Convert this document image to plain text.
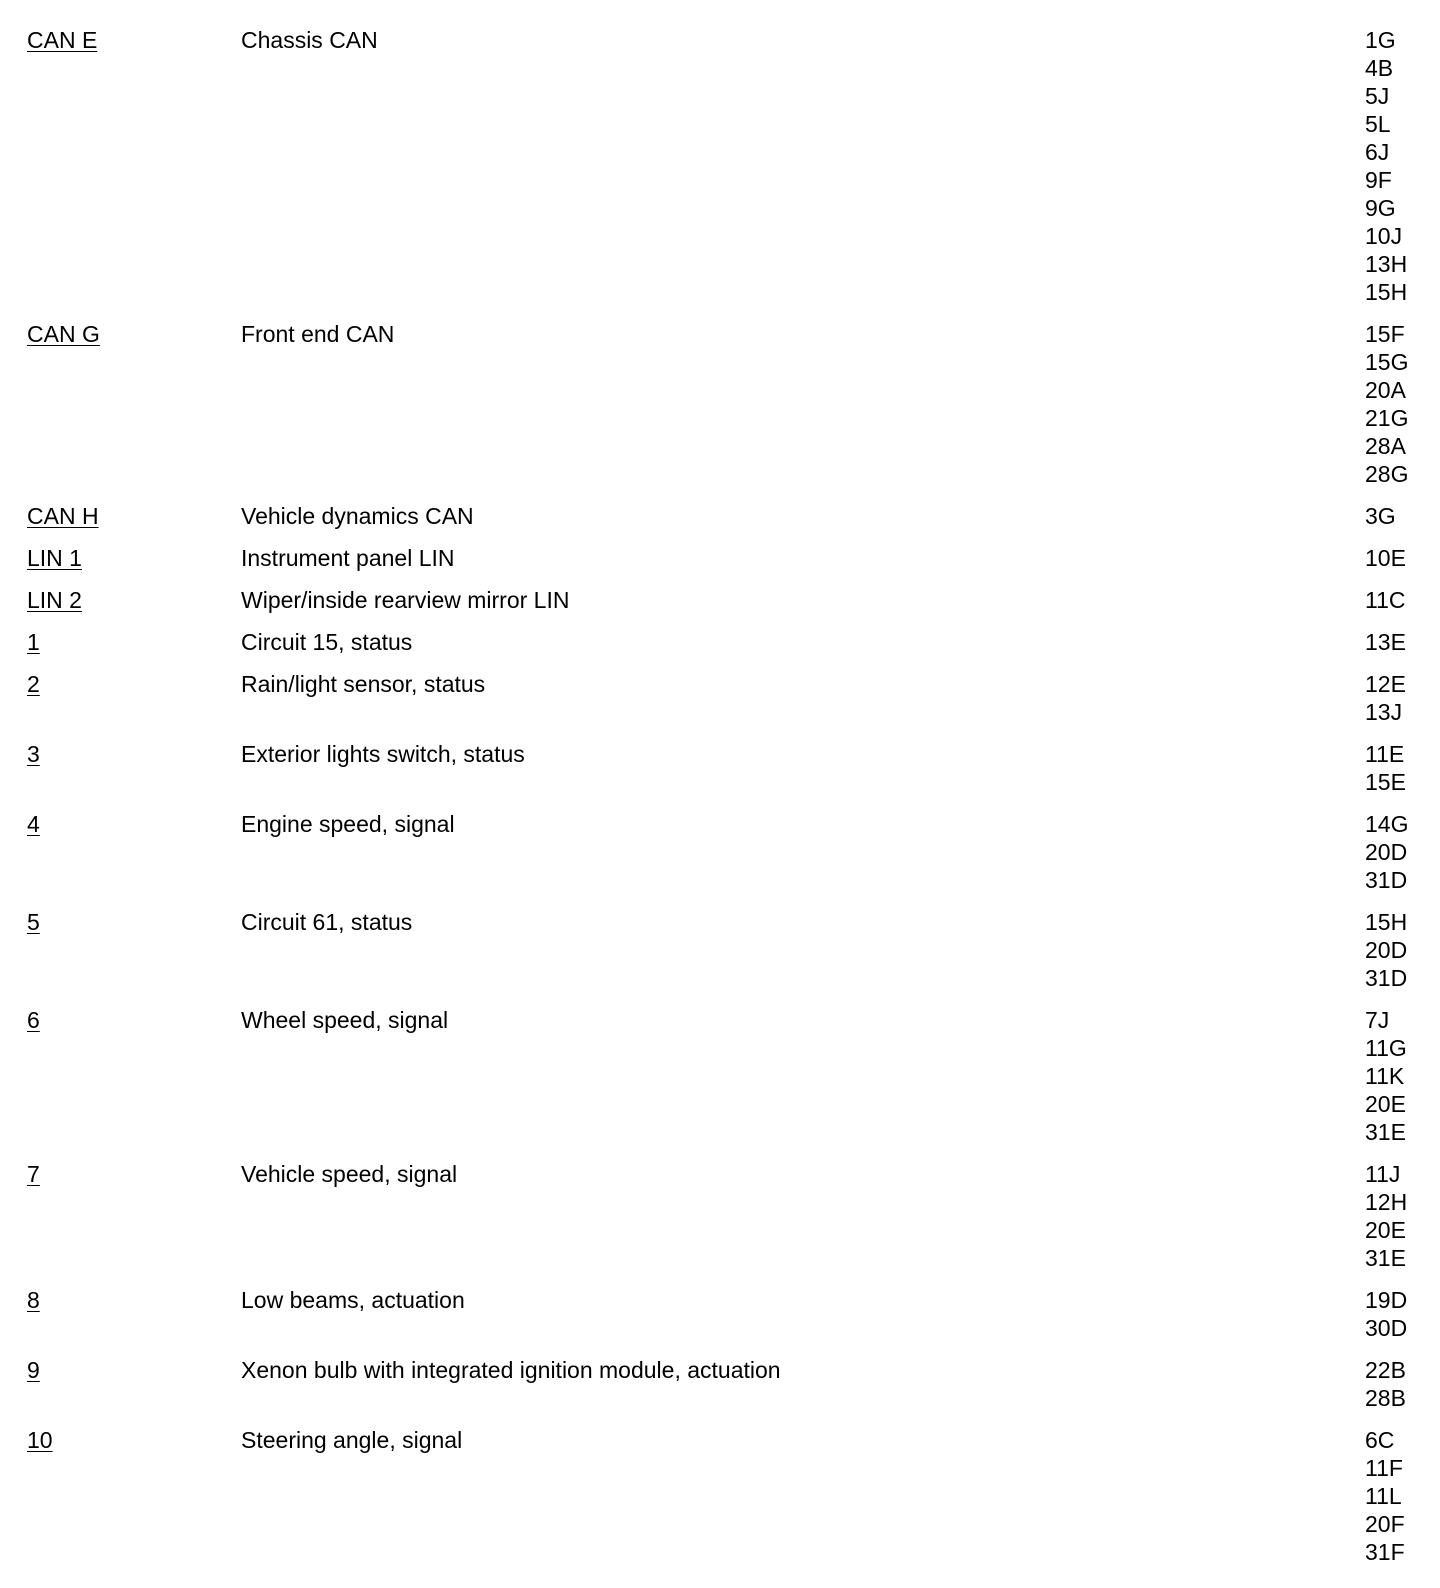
CAN E	Chassis CAN	1G
4B
5J
5L
6J
9F
9G
10J
13H
15H
CAN G	Front end CAN	15F
15G
20A
21G
28A
28G
CAN H	Vehicle dynamics CAN	3G
LIN 1	Instrument panel LIN	10E
LIN 2	Wiper/inside rearview mirror LIN	11C
1	Circuit 15, status	13E
2	Rain/light sensor, status	12E
13J
3	Exterior lights switch, status	11E
15E
4	Engine speed, signal	14G
20D
31D
5	Circuit 61, status	15H
20D
31D
6	Wheel speed, signal	7J
11G
11K
20E
31E
7	Vehicle speed, signal	11J
12H
20E
31E
8	Low beams, actuation	19D
30D
9	Xenon bulb with integrated ignition module, actuation	22B
28B
10	Steering angle, signal	6C
11F
11L
20F
31F
